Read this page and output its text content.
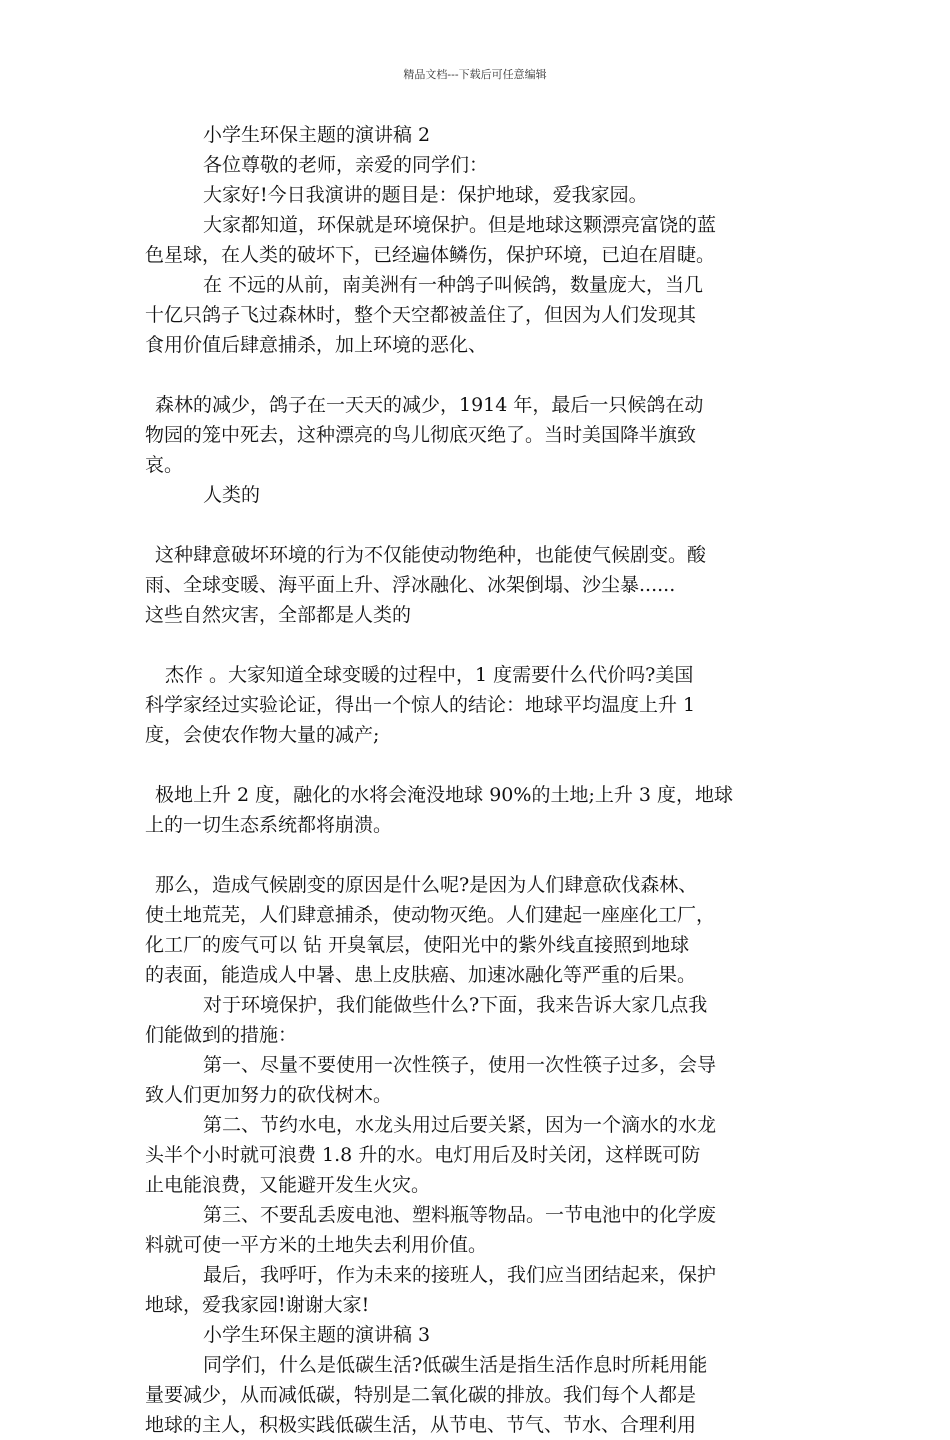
精品文档---下载后可任意编辑
小学生环保主题的演讲稿 2
各位尊敬的老师，亲爱的同学们：
大家好!今日我演讲的题目是：保护地球，爱我家园。
大家都知道，环保就是环境保护。但是地球这颗漂亮富饶的蓝
色星球，在人类的破坏下，已经遍体鳞伤，保护环境，已迫在眉睫。
在 不远的从前，南美洲有一种鸽子叫候鸽，数量庞大，当几
十亿只鸽子飞过森林时，整个天空都被盖住了，但因为人们发现其
食用价值后肆意捕杀，加上环境的恶化、
森林的减少，鸽子在一天天的减少，1914 年，最后一只候鸽在动
物园的笼中死去，这种漂亮的鸟儿彻底灭绝了。当时美国降半旗致
哀。
人类的
这种肆意破坏环境的行为不仅能使动物绝种，也能使气候剧变。酸
雨、全球变暖、海平面上升、浮冰融化、冰架倒塌、沙尘暴......
这些自然灾害，全部都是人类的
杰作 。大家知道全球变暖的过程中，1 度需要什么代价吗?美国
科学家经过实验论证，得出一个惊人的结论：地球平均温度上升 1
度，会使农作物大量的减产;
极地上升 2 度，融化的水将会淹没地球 90%的土地;上升 3 度，地球
上的一切生态系统都将崩溃。
那么，造成气候剧变的原因是什么呢?是因为人们肆意砍伐森林、
使土地荒芜，人们肆意捕杀，使动物灭绝。人们建起一座座化工厂，
化工厂的废气可以 钻 开臭氧层，使阳光中的紫外线直接照到地球
的表面，能造成人中暑、患上皮肤癌、加速冰融化等严重的后果。
对于环境保护，我们能做些什么?下面，我来告诉大家几点我
们能做到的措施：
第一、尽量不要使用一次性筷子，使用一次性筷子过多，会导
致人们更加努力的砍伐树木。
第二、节约水电，水龙头用过后要关紧，因为一个滴水的水龙
头半个小时就可浪费 1.8 升的水。电灯用后及时关闭，这样既可防
止电能浪费，又能避开发生火灾。
第三、不要乱丢废电池、塑料瓶等物品。一节电池中的化学废
料就可使一平方米的土地失去利用价值。
最后，我呼吁，作为未来的接班人，我们应当团结起来，保护
地球，爱我家园!谢谢大家!
小学生环保主题的演讲稿 3
同学们，什么是低碳生活?低碳生活是指生活作息时所耗用能
量要减少，从而减低碳，特别是二氧化碳的排放。我们每个人都是
地球的主人，积极实践低碳生活，从节电、节气、节水、合理利用
